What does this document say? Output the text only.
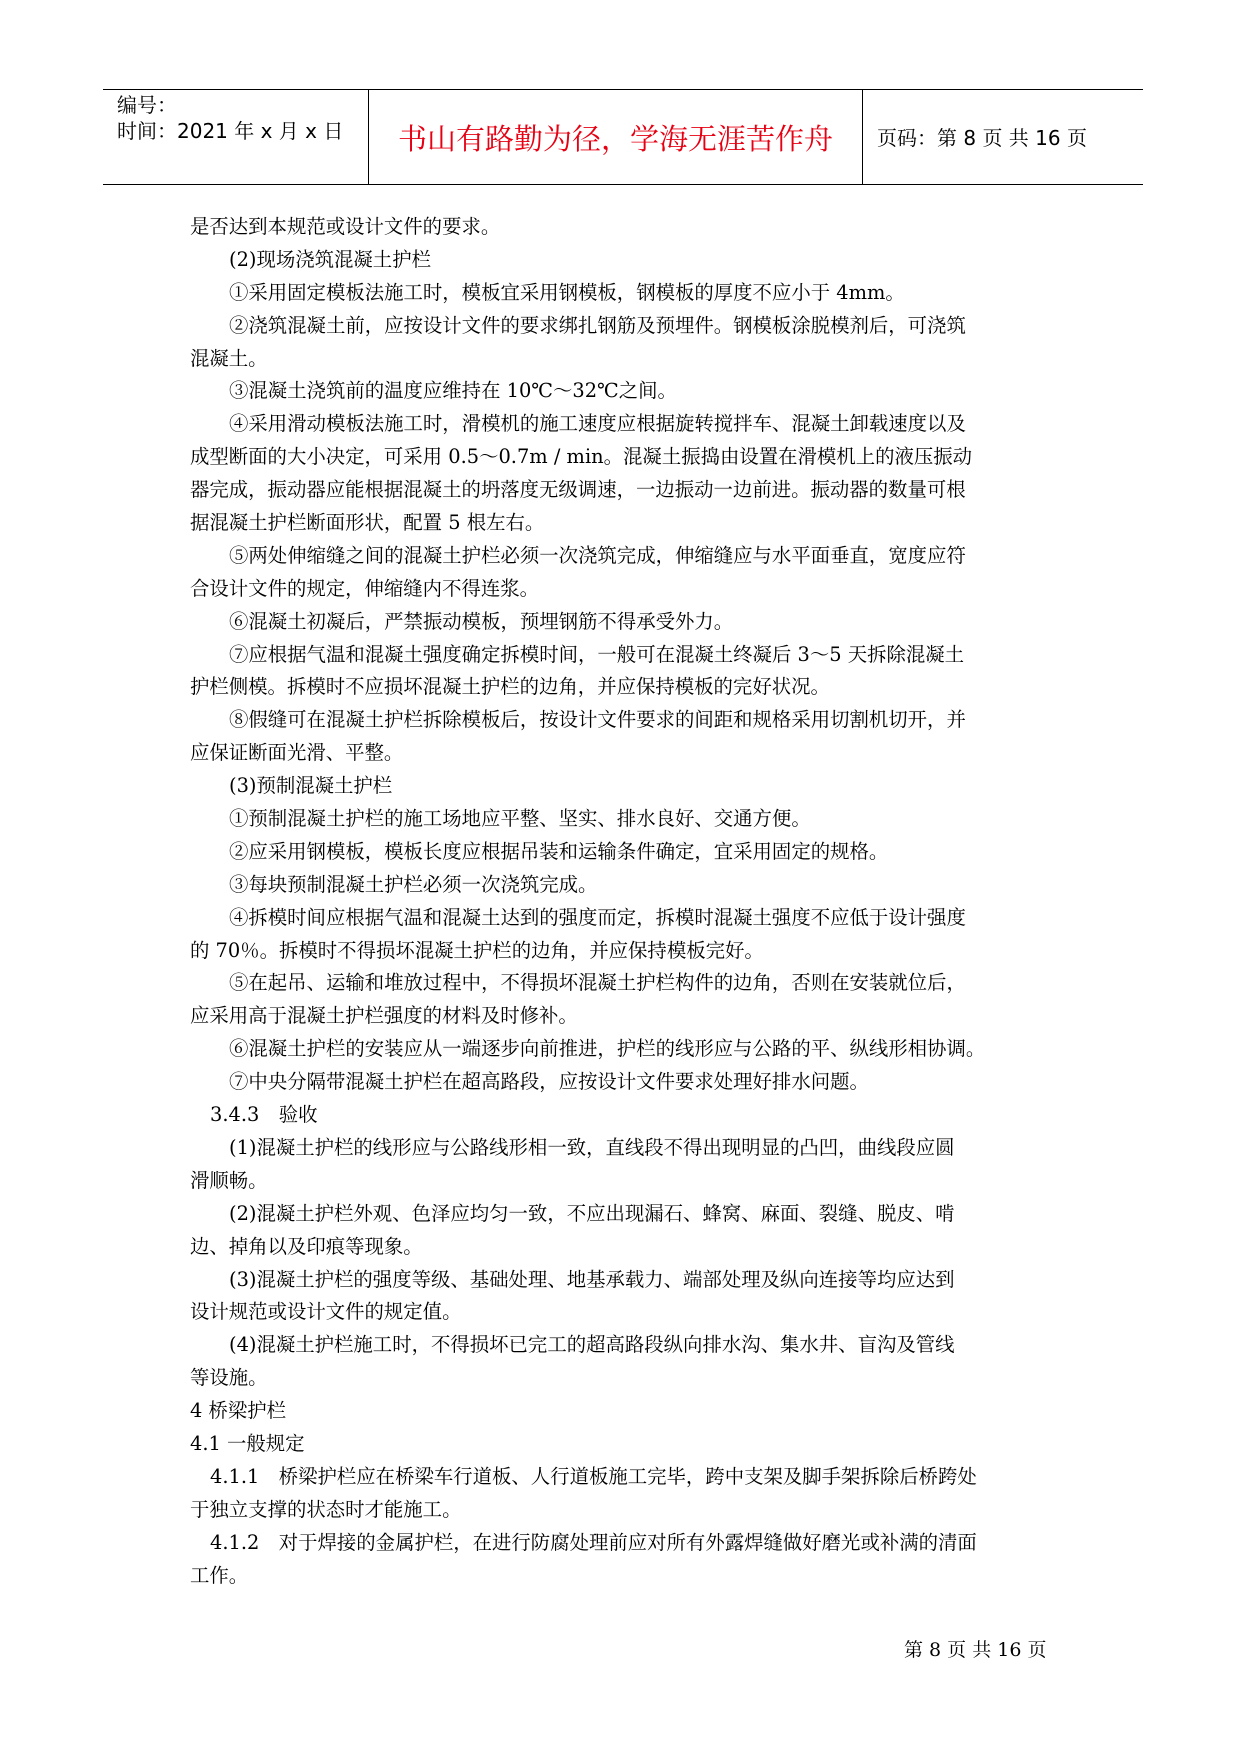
编号：
时间：2021 年 x 月 x 日	书山有路勤为径，学海无涯苦作舟	页码：第 8 页 共 16 页
是否达到本规范或设计文件的要求。
(2)现场浇筑混凝土护栏
①采用固定模板法施工时，模板宜采用钢模板，钢模板的厚度不应小于 4mm。
②浇筑混凝土前，应按设计文件的要求绑扎钢筋及预埋件。钢模板涂脱模剂后，可浇筑
混凝土。
③混凝土浇筑前的温度应维持在 10℃～32℃之间。
④采用滑动模板法施工时，滑模机的施工速度应根据旋转搅拌车、混凝土卸载速度以及
成型断面的大小决定，可采用 0.5～0.7m / min。混凝土振捣由设置在滑模机上的液压振动
器完成，振动器应能根据混凝土的坍落度无级调速，一边振动一边前进。振动器的数量可根
据混凝土护栏断面形状，配置 5 根左右。
⑤两处伸缩缝之间的混凝土护栏必须一次浇筑完成，伸缩缝应与水平面垂直，宽度应符
合设计文件的规定，伸缩缝内不得连浆。
⑥混凝土初凝后，严禁振动模板，预埋钢筋不得承受外力。
⑦应根据气温和混凝土强度确定拆模时间，一般可在混凝土终凝后 3～5 天拆除混凝土
护栏侧模。拆模时不应损坏混凝土护栏的边角，并应保持模板的完好状况。
⑧假缝可在混凝土护栏拆除模板后，按设计文件要求的间距和规格采用切割机切开，并
应保证断面光滑、平整。
(3)预制混凝土护栏
①预制混凝土护栏的施工场地应平整、坚实、排水良好、交通方便。
②应采用钢模板，模板长度应根据吊装和运输条件确定，宜采用固定的规格。
③每块预制混凝土护栏必须一次浇筑完成。
④拆模时间应根据气温和混凝土达到的强度而定，拆模时混凝土强度不应低于设计强度
的 70％。拆模时不得损坏混凝土护栏的边角，并应保持模板完好。
⑤在起吊、运输和堆放过程中，不得损坏混凝土护栏构件的边角，否则在安装就位后，
应采用高于混凝土护栏强度的材料及时修补。
⑥混凝土护栏的安装应从一端逐步向前推进，护栏的线形应与公路的平、纵线形相协调。
⑦中央分隔带混凝土护栏在超高路段，应按设计文件要求处理好排水问题。
3.4.3　验收
(1)混凝土护栏的线形应与公路线形相一致，直线段不得出现明显的凸凹，曲线段应圆
滑顺畅。
(2)混凝土护栏外观、色泽应均匀一致，不应出现漏石、蜂窝、麻面、裂缝、脱皮、啃
边、掉角以及印痕等现象。
(3)混凝土护栏的强度等级、基础处理、地基承载力、端部处理及纵向连接等均应达到
设计规范或设计文件的规定值。
(4)混凝土护栏施工时，不得损坏已完工的超高路段纵向排水沟、集水井、盲沟及管线
等设施。
4 桥梁护栏
4.1 一般规定
4.1.1　桥梁护栏应在桥梁车行道板、人行道板施工完毕，跨中支架及脚手架拆除后桥跨处
于独立支撑的状态时才能施工。
4.1.2　对于焊接的金属护栏，在进行防腐处理前应对所有外露焊缝做好磨光或补满的清面
工作。
第 8 页 共 16 页
